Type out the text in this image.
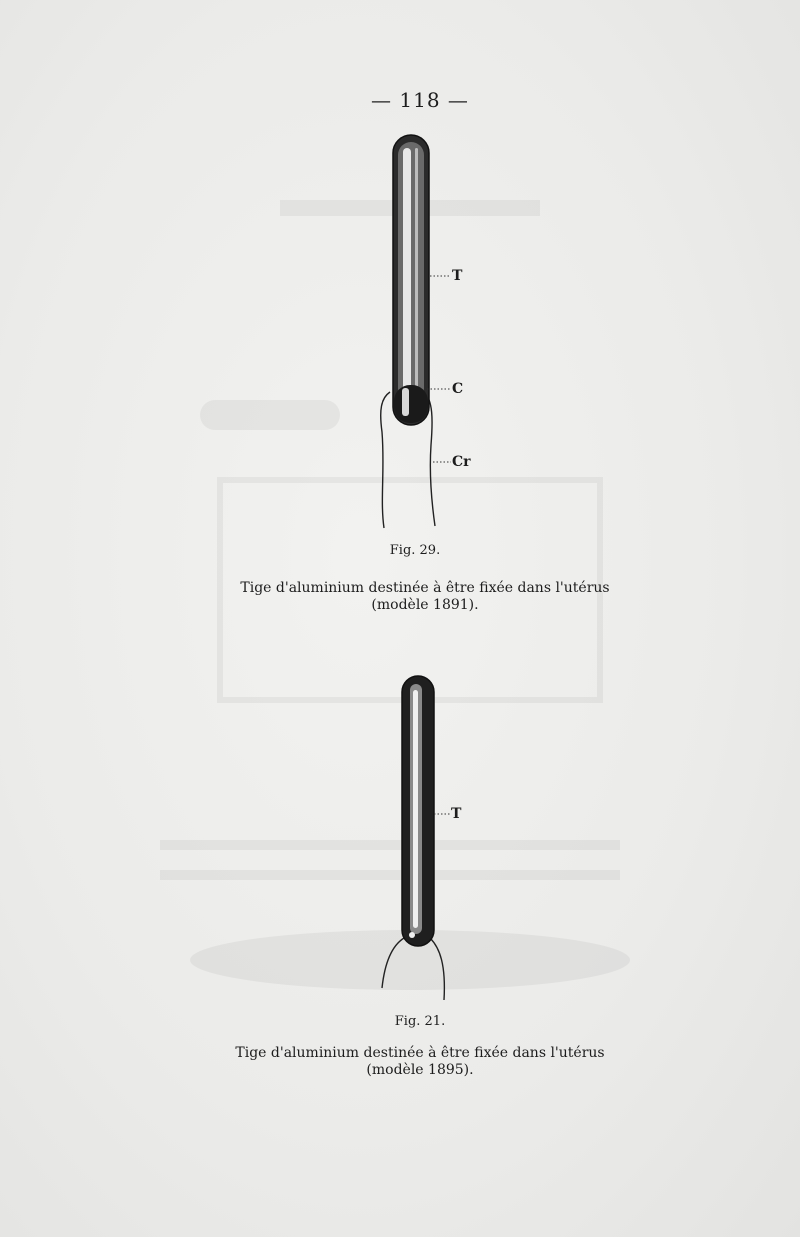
— 118 —
T
C
Cr
T
Fig. 29.
Tige d'aluminium destinée à être fixée dans l'utérus
(modèle 1891).
Fig. 21.
Tige d'aluminium destinée à être fixée dans l'utérus
(modèle 1895).
